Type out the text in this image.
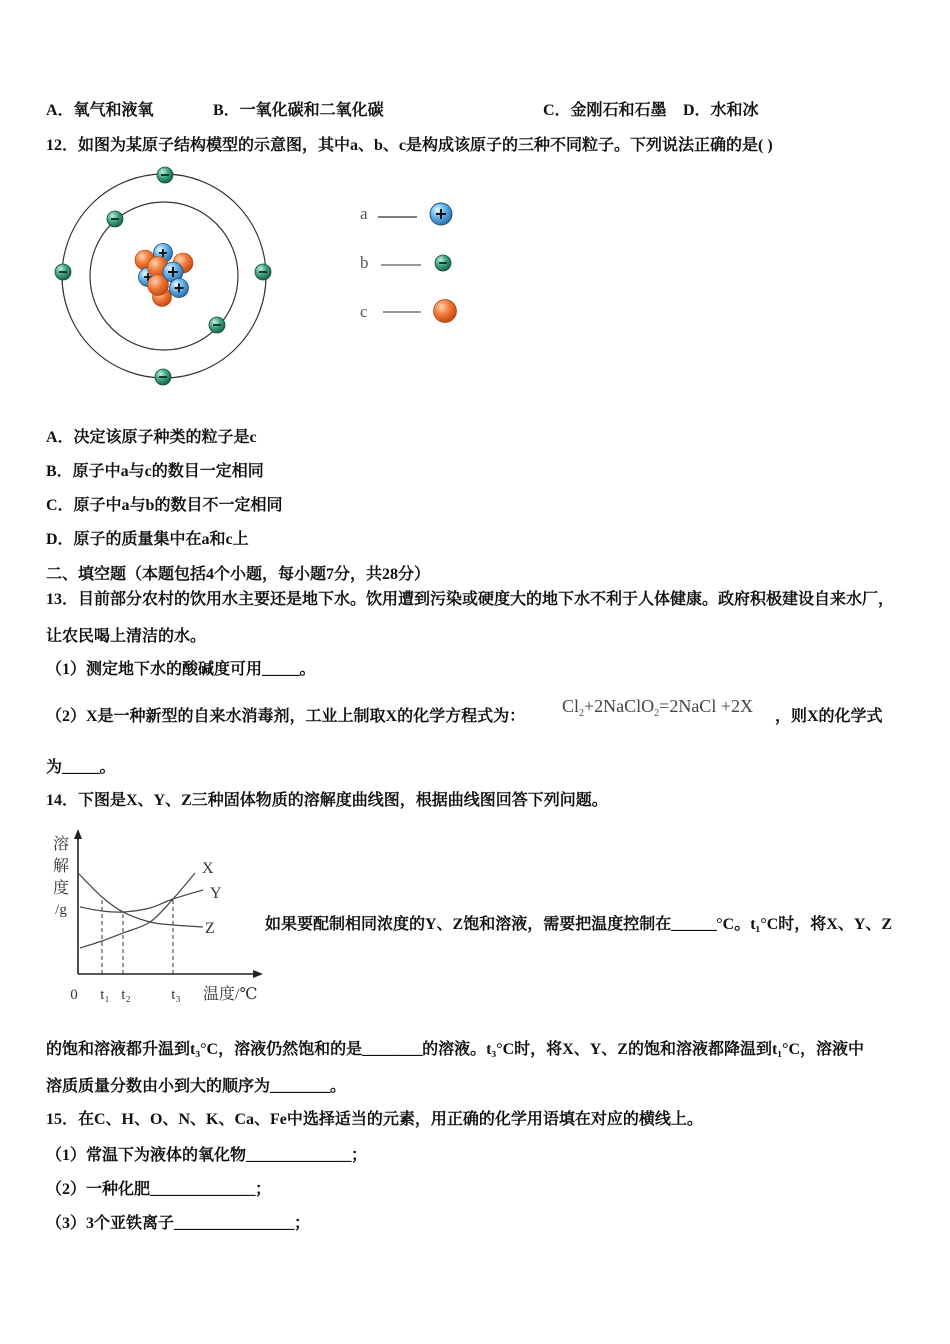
A．氧气和液氧	B．一氧化碳和二氧化碳	C．金刚石和石墨 D．水和冰
12．如图为某原子结构模型的示意图，其中a、b、c是构成该原子的三种不同粒子。下列说法正确的是( )
a
b
c
A．决定该原子种类的粒子是c
B．原子中a与c的数目一定相同
C．原子中a与b的数目不一定相同
D．原子的质量集中在a和c上
二、填空题（本题包括4个小题，每小题7分，共28分）
13．目前部分农村的饮用水主要还是地下水。饮用遭到污染或硬度大的地下水不利于人体健康。政府积极建设自来水厂，
让农民喝上清洁的水。
（1）测定地下水的酸碱度可用_____。
（2）X是一种新型的自来水消毒剂，工业上制取X的化学方程式为：
$Cl_2+2NaClO_2=2NaCl +2X$
，则X的化学式
为_____。
14．下图是X、Y、Z三种固体物质的溶解度曲线图，根据曲线图回答下列问题。
溶
解
度
/g
温度/℃
X
Y
Z
0 t₁ t₂	t₃
如果要配制相同浓度的Y、Z饱和溶液，需要把温度控制在______°C。t₁°C时，将X、Y、Z
的饱和溶液都升温到t₃°C，溶液仍然饱和的是________的溶液。t₃°C时，将X、Y、Z的饱和溶液都降温到t₁°C，溶液中
溶质质量分数由小到大的顺序为________。
15．在C、H、O、N、K、Ca、Fe中选择适当的元素，用正确的化学用语填在对应的横线上。
（1）常温下为液体的氧化物______________；
（2）一种化肥______________；
（3）3个亚铁离子________________；
